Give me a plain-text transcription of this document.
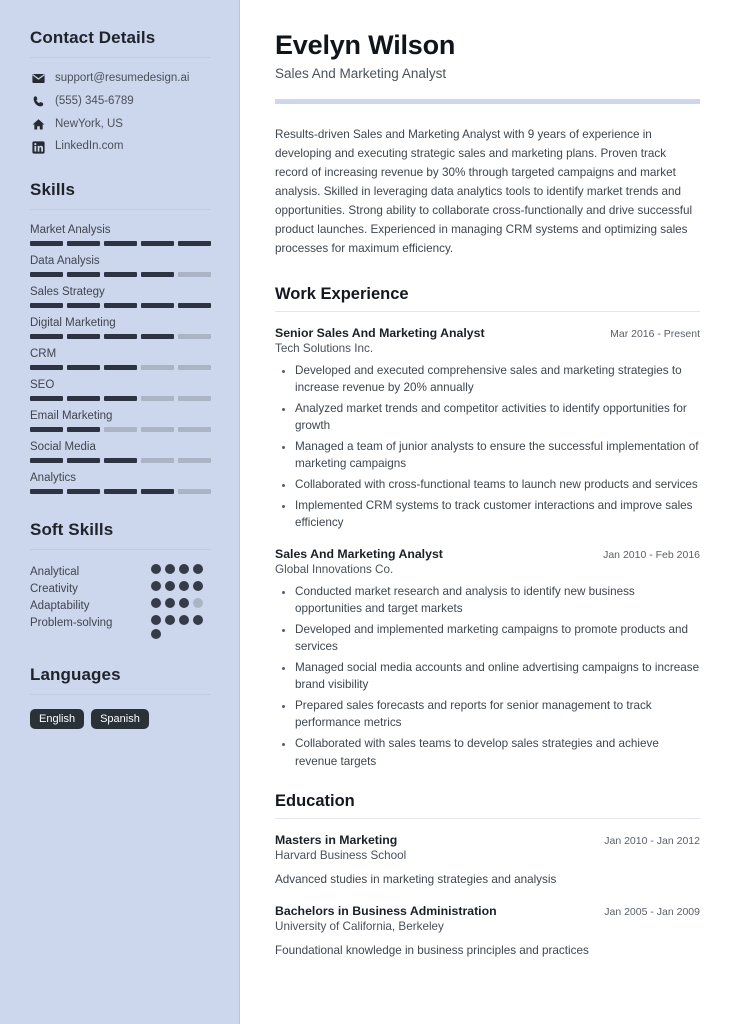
Contact Details
support@resumedesign.ai
(555) 345-6789
NewYork, US
LinkedIn.com
Skills
Market Analysis
Data Analysis
Sales Strategy
Digital Marketing
CRM
SEO
Email Marketing
Social Media
Analytics
Soft Skills
Analytical
Creativity
Adaptability
Problem-solving
Languages
English	Spanish
Evelyn Wilson
Sales And Marketing Analyst

Results-driven Sales and Marketing Analyst with 9 years of experience in developing and executing strategic sales and marketing plans. Proven track record of increasing revenue by 30% through targeted campaigns and market analysis. Skilled in leveraging data analytics tools to identify market trends and opportunities. Strong ability to collaborate cross-functionally and drive successful product launches. Experienced in managing CRM systems and optimizing sales processes for maximum efficiency.

Work Experience
Senior Sales And Marketing Analyst	Mar 2016 - Present
Tech Solutions Inc.
• Developed and executed comprehensive sales and marketing strategies to increase revenue by 20% annually
• Analyzed market trends and competitor activities to identify opportunities for growth
• Managed a team of junior analysts to ensure the successful implementation of marketing campaigns
• Collaborated with cross-functional teams to launch new products and services
• Implemented CRM systems to track customer interactions and improve sales efficiency
Sales And Marketing Analyst	Jan 2010 - Feb 2016
Global Innovations Co.
• Conducted market research and analysis to identify new business opportunities and target markets
• Developed and implemented marketing campaigns to promote products and services
• Managed social media accounts and online advertising campaigns to increase brand visibility
• Prepared sales forecasts and reports for senior management to track performance metrics
• Collaborated with sales teams to develop sales strategies and achieve revenue targets
Education
Masters in Marketing	Jan 2010 - Jan 2012
Harvard Business School
Advanced studies in marketing strategies and analysis
Bachelors in Business Administration	Jan 2005 - Jan 2009
University of California, Berkeley
Foundational knowledge in business principles and practices
